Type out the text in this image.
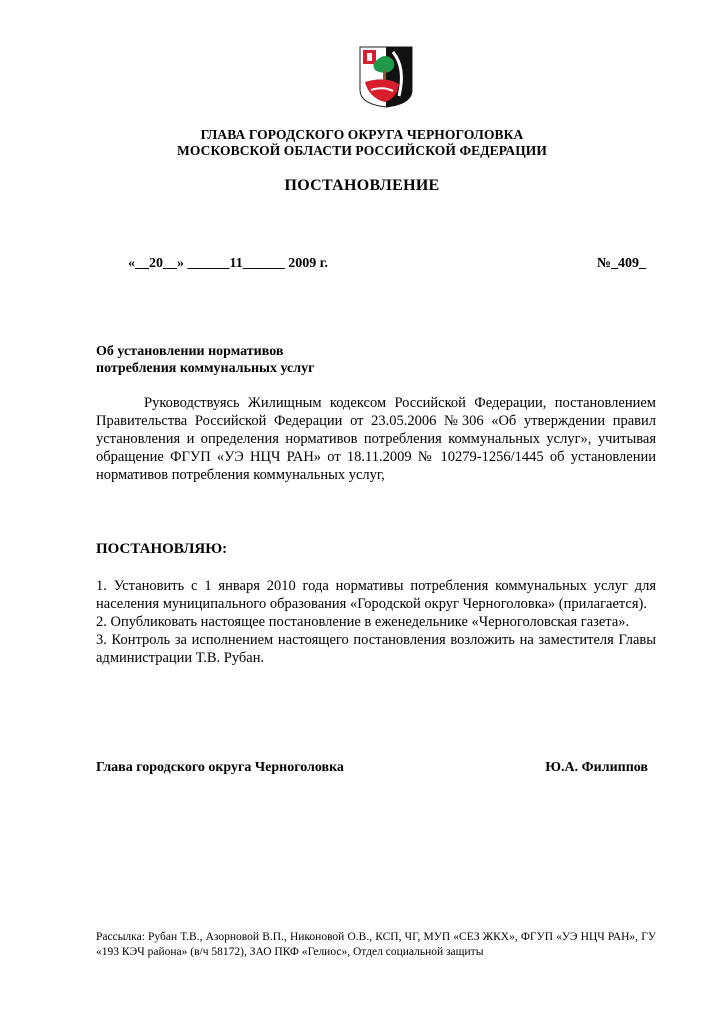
ГЛАВА ГОРОДСКОГО ОКРУГА ЧЕРНОГОЛОВКА
МОСКОВСКОЙ ОБЛАСТИ РОССИЙСКОЙ ФЕДЕРАЦИИ
ПОСТАНОВЛЕНИЕ
«__20__» ______11______ 2009 г.	№_409_
Об установлении нормативов
потребления коммунальных услуг
Руководствуясь Жилищным кодексом Российской Федерации, постановлением Правительства Российской Федерации от 23.05.2006 №306 «Об утверждении правил установления и определения нормативов потребления коммунальных услуг», учитывая обращение ФГУП «УЭ НЦЧ РАН» от 18.11.2009 № 10279-1256/1445 об установлении нормативов потребления коммунальных услуг,
ПОСТАНОВЛЯЮ:

1. Установить с 1 января 2010 года нормативы потребления коммунальных услуг для населения муниципального образования «Городской округ Черноголовка» (прилагается).

2. Опубликовать настоящее постановление в еженедельнике «Черноголовская газета».

3. Контроль за исполнением настоящего постановления возложить на заместителя Главы администрации Т.В. Рубан.

Глава городского округа Черноголовка	Ю.А. Филиппов
Рассылка: Рубан Т.В., Азорновой В.П., Никоновой О.В., КСП, ЧГ, МУП «СЕЗ ЖКХ», ФГУП «УЭ НЦЧ РАН», ГУ «193 КЭЧ района» (в/ч 58172), ЗАО ПКФ «Гелиос», Отдел социальной защиты
